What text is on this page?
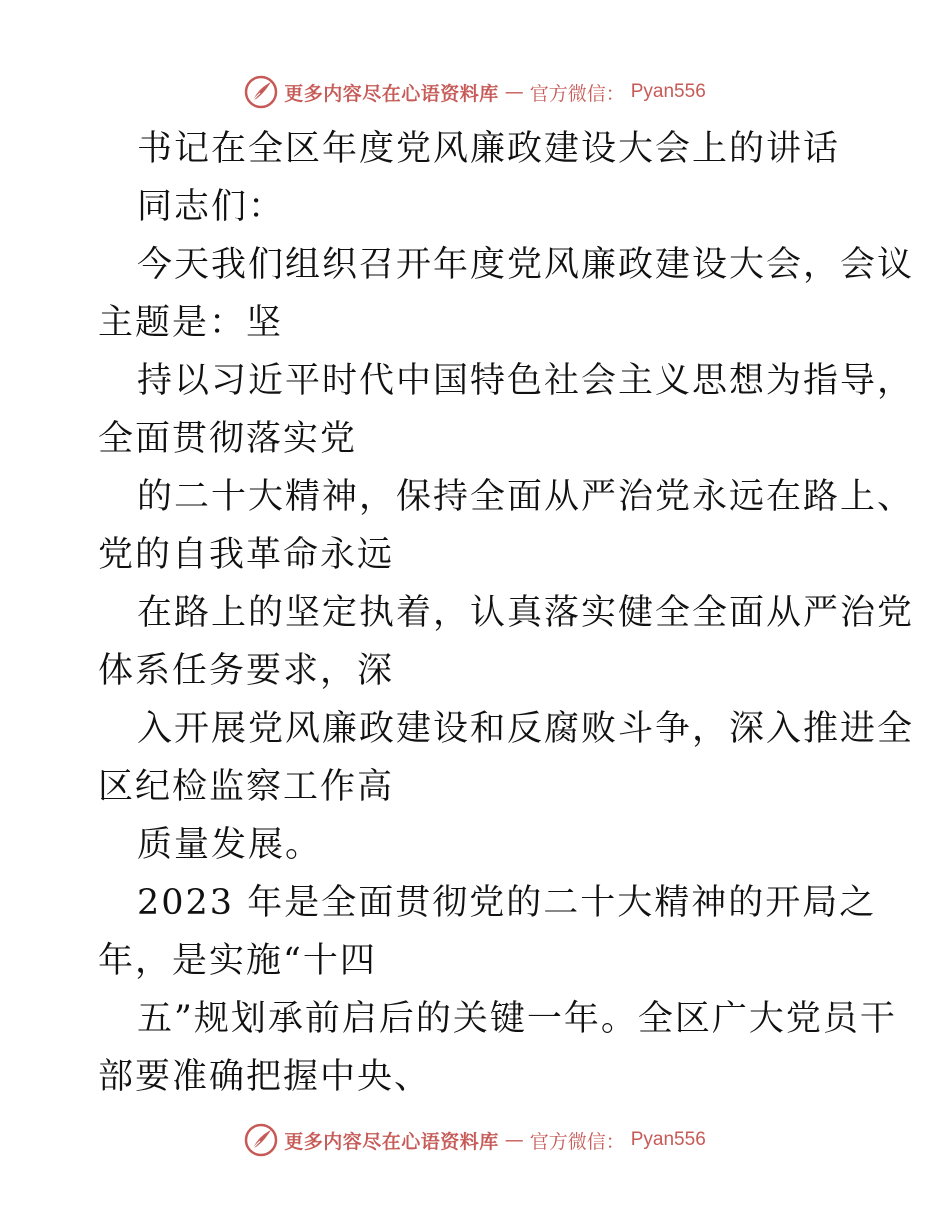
更多内容尽在心语资料库 — 官方微信： Pyan556
书记在全区年度党风廉政建设大会上的讲话
同志们：
今天我们组织召开年度党风廉政建设大会，会议
主题是：坚
持以习近平时代中国特色社会主义思想为指导，
全面贯彻落实党
的二十大精神，保持全面从严治党永远在路上、
党的自我革命永远
在路上的坚定执着，认真落实健全全面从严治党
体系任务要求，深
入开展党风廉政建设和反腐败斗争，深入推进全
区纪检监察工作高
质量发展。
2023 年是全面贯彻党的二十大精神的开局之
年，是实施“十四
五”规划承前启后的关键一年。全区广大党员干
部要准确把握中央、
更多内容尽在心语资料库 — 官方微信： Pyan556
